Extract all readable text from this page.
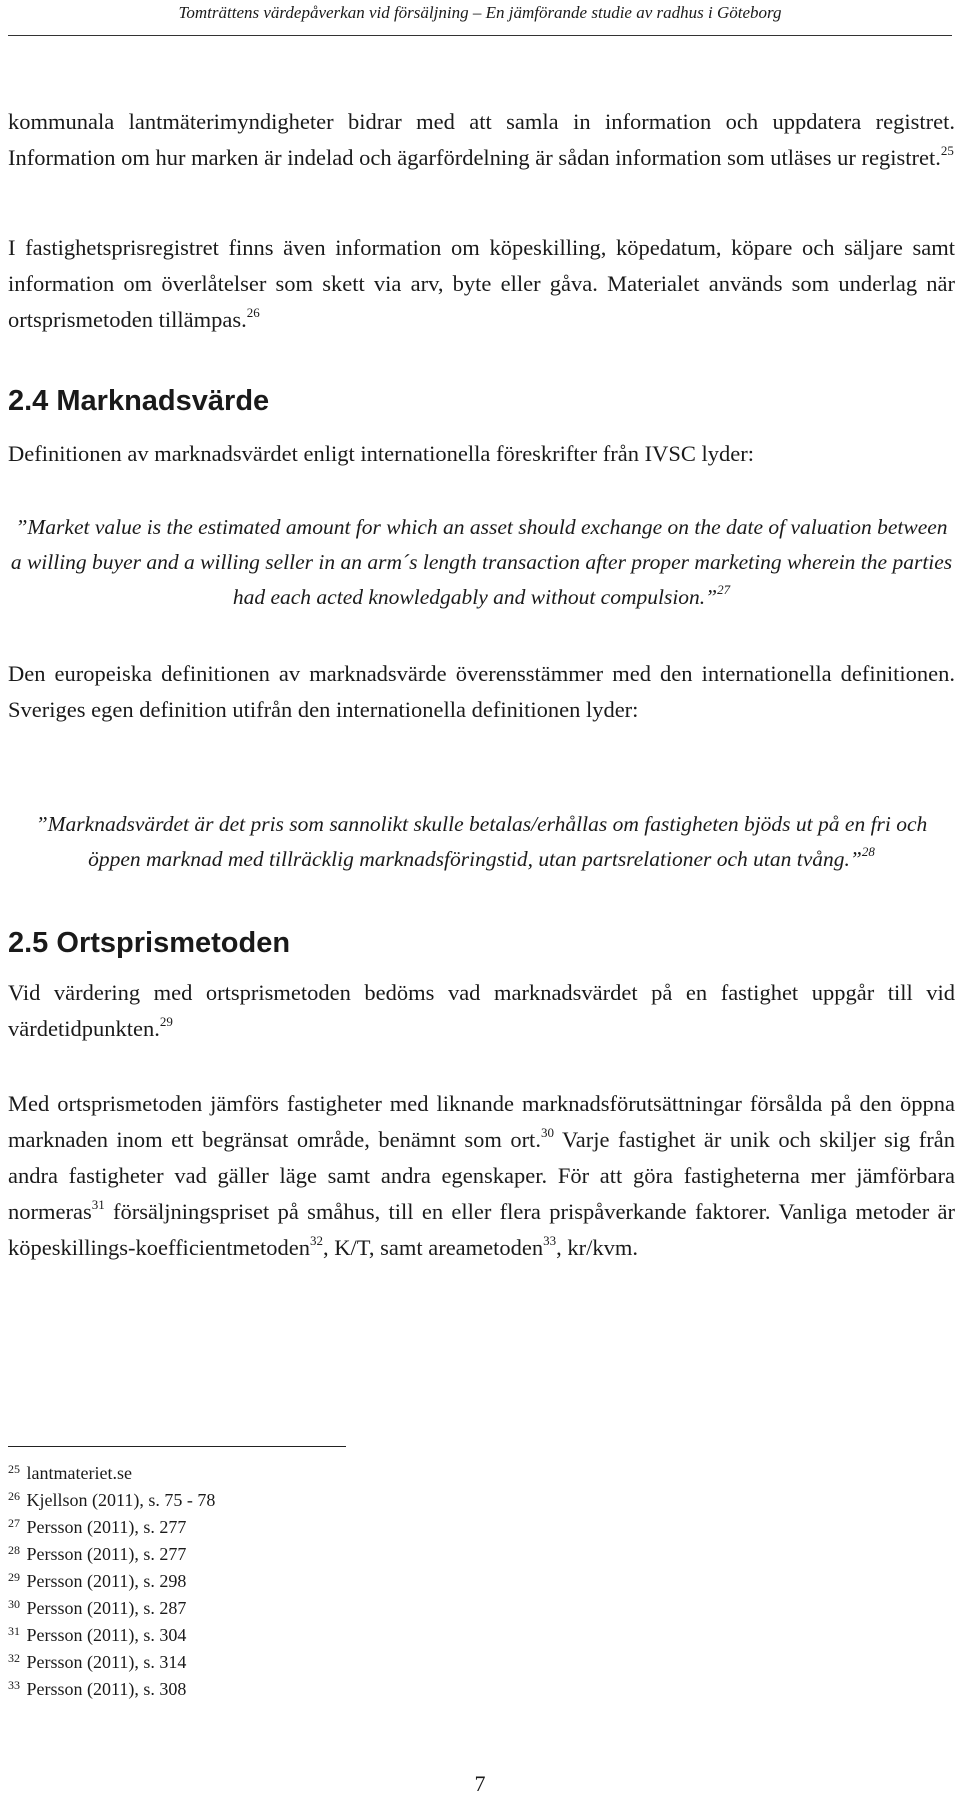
Tomträttens värdepåverkan vid försäljning – En jämförande studie av radhus i Göteborg

kommunala lantmäterimyndigheter bidrar med att samla in information och uppdatera registret. Information om hur marken är indelad och ägarfördelning är sådan information som utläses ur registret.$^{25}$

I fastighetsprisregistret finns även information om köpeskilling, köpedatum, köpare och säljare samt information om överlåtelser som skett via arv, byte eller gåva. Materialet används som underlag när ortsprismetoden tillämpas.$^{26}$

2.4 Marknadsvärde

Definitionen av marknadsvärdet enligt internationella föreskrifter från IVSC lyder:

”Market value is the estimated amount for which an asset should exchange on the date of valuation between a willing buyer and a willing seller in an arm´s length transaction after proper marketing wherein the parties had each acted knowledgably and without compulsion.”$^{27}$

Den europeiska definitionen av marknadsvärde överensstämmer med den internationella definitionen. Sveriges egen definition utifrån den internationella definitionen lyder:

”Marknadsvärdet är det pris som sannolikt skulle betalas/erhållas om fastigheten bjöds ut på en fri och öppen marknad med tillräcklig marknadsföringstid, utan partsrelationer och utan tvång.”$^{28}$

2.5 Ortsprismetoden

Vid värdering med ortsprismetoden bedöms vad marknadsvärdet på en fastighet uppgår till vid värdetidpunkten.$^{29}$

Med ortsprismetoden jämförs fastigheter med liknande marknadsförutsättningar försålda på den öppna marknaden inom ett begränsat område, benämnt som ort.$^{30}$ Varje fastighet är unik och skiljer sig från andra fastigheter vad gäller läge samt andra egenskaper. För att göra fastigheterna mer jämförbara normeras$^{31}$ försäljningspriset på småhus, till en eller flera prispåverkande faktorer. Vanliga metoder är köpeskillings-koefficientmetoden$^{32}$, K/T, samt areametoden$^{33}$, kr/kvm.

$^{25}$ lantmateriet.se
$^{26}$ Kjellson (2011), s. 75 - 78
$^{27}$ Persson (2011), s. 277
$^{28}$ Persson (2011), s. 277
$^{29}$ Persson (2011), s. 298
$^{30}$ Persson (2011), s. 287
$^{31}$ Persson (2011), s. 304
$^{32}$ Persson (2011), s. 314
$^{33}$ Persson (2011), s. 308
7
